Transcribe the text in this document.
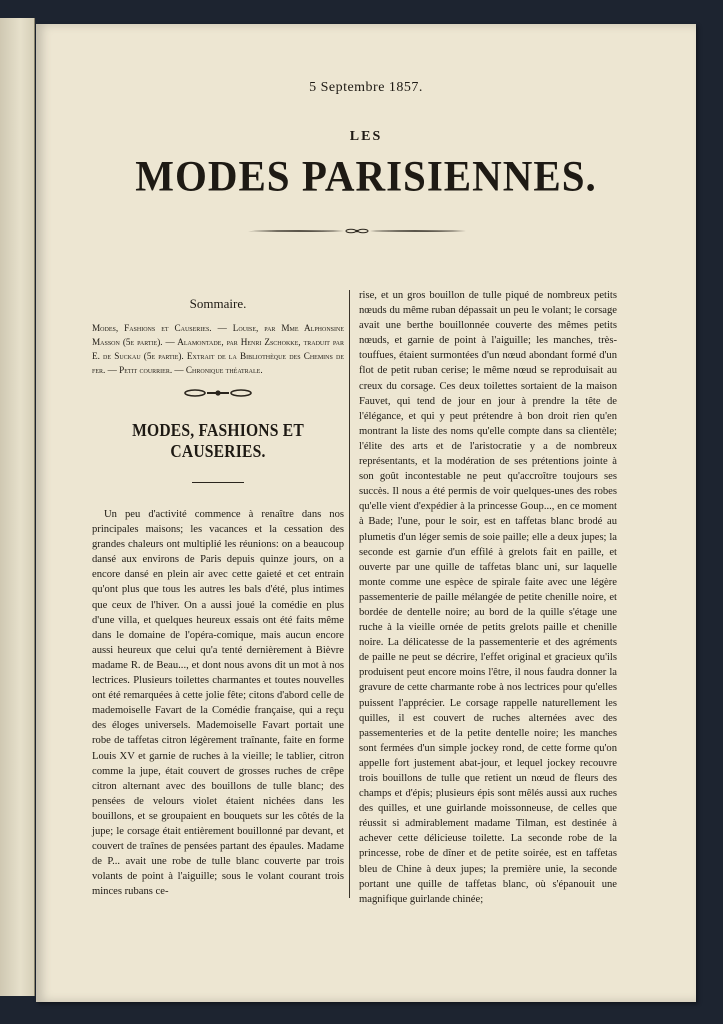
5 Septembre 1857.
LES
MODES PARISIENNES.
Sommaire.

Modes, Fashions et Causeries. — Louise, par Mme Alphonsine Masson (5e partie). — Alamontade, par Henri Zschokke, traduit par E. de Suckau (5e partie). Extrait de la Bibliothèque des Chemins de fer. — Petit courrier. — Chronique théatrale.

MODES, FASHIONS ET CAUSERIES.

Un peu d'activité commence à renaître dans nos principales maisons; les vacances et la cessation des grandes chaleurs ont multiplié les réunions: on a beaucoup dansé aux environs de Paris depuis quinze jours, on a encore dansé en plein air avec cette gaieté et cet entrain qu'ont plus que tous les autres les bals d'été, plus intimes que ceux de l'hiver. On a aussi joué la comédie en plus d'une villa, et quelques heureux essais ont été faits même dans le domaine de l'opéra-comique, mais aucun encore aussi heureux que celui qu'a tenté dernièrement à Bièvre madame R. de Beau..., et dont nous avons dit un mot à nos lectrices. Plusieurs toilettes charmantes et toutes nouvelles ont été remarquées à cette jolie fête; citons d'abord celle de mademoiselle Favart de la Comédie française, qui a reçu des éloges universels. Mademoiselle Favart portait une robe de taffetas citron légèrement traînante, faite en forme Louis XV et garnie de ruches à la vieille; le tablier, citron comme la jupe, était couvert de grosses ruches de crêpe citron alternant avec des bouillons de tulle blanc; des pensées de velours violet étaient nichées dans les bouillons, et se groupaient en bouquets sur les côtés de la jupe; le corsage était entièrement bouillonné par devant, et couvert de traînes de pensées partant des épaules. Madame de P... avait une robe de tulle blanc couverte par trois volants de point à l'aiguille; sous le volant courant trois minces rubans ce-

rise, et un gros bouillon de tulle piqué de nombreux petits nœuds du même ruban dépassait un peu le volant; le corsage avait une berthe bouillonnée couverte des mêmes petits nœuds, et garnie de point à l'aiguille; les manches, très-touffues, étaient surmontées d'un nœud abondant formé d'un flot de petit ruban cerise; le même nœud se reproduisait au creux du corsage. Ces deux toilettes sortaient de la maison Fauvet, qui tend de jour en jour à prendre la tête de l'élégance, et qui y peut prétendre à bon droit rien qu'en montrant la liste des noms qu'elle compte dans sa clientèle; l'élite des arts et de l'aristocratie y a de nombreux représentants, et la modération de ses prétentions jointe à son goût incontestable ne peut qu'accroître toujours ses succès. Il nous a été permis de voir quelques-unes des robes qu'elle vient d'expédier à la princesse Goup..., en ce moment à Bade; l'une, pour le soir, est en taffetas blanc brodé au plumetis d'un léger semis de soie paille; elle a deux jupes; la seconde est garnie d'un effilé à grelots fait en paille, et ouverte par une quille de taffetas blanc uni, sur laquelle monte comme une espèce de spirale faite avec une légère passementerie de paille mélangée de petite chenille noire, et bordée de dentelle noire; au bord de la quille s'étage une ruche à la vieille ornée de petits grelots paille et chenille noire. La délicatesse de la passementerie et des agréments de paille ne peut se décrire, l'effet original et gracieux qu'ils produisent peut encore moins l'être, il nous faudra donner la gravure de cette charmante robe à nos lectrices pour qu'elles puissent l'apprécier. Le corsage rappelle naturellement les quilles, il est couvert de ruches alternées avec des passementeries et de la petite dentelle noire; les manches sont fermées d'un simple jockey rond, de cette forme qu'on appelle fort justement abat-jour, et lequel jockey recouvre trois bouillons de tulle que retient un nœud de fleurs des champs et d'épis; plusieurs épis sont mêlés aussi aux ruches des quilles, et une guirlande moissonneuse, de celles que réussit si admirablement madame Tilman, est destinée à achever cette délicieuse toilette. La seconde robe de la princesse, robe de dîner et de petite soirée, est en taffetas bleu de Chine à deux jupes; la première unie, la seconde portant une quille de taffetas blanc, où s'épanouit une magnifique guirlande chinée;
